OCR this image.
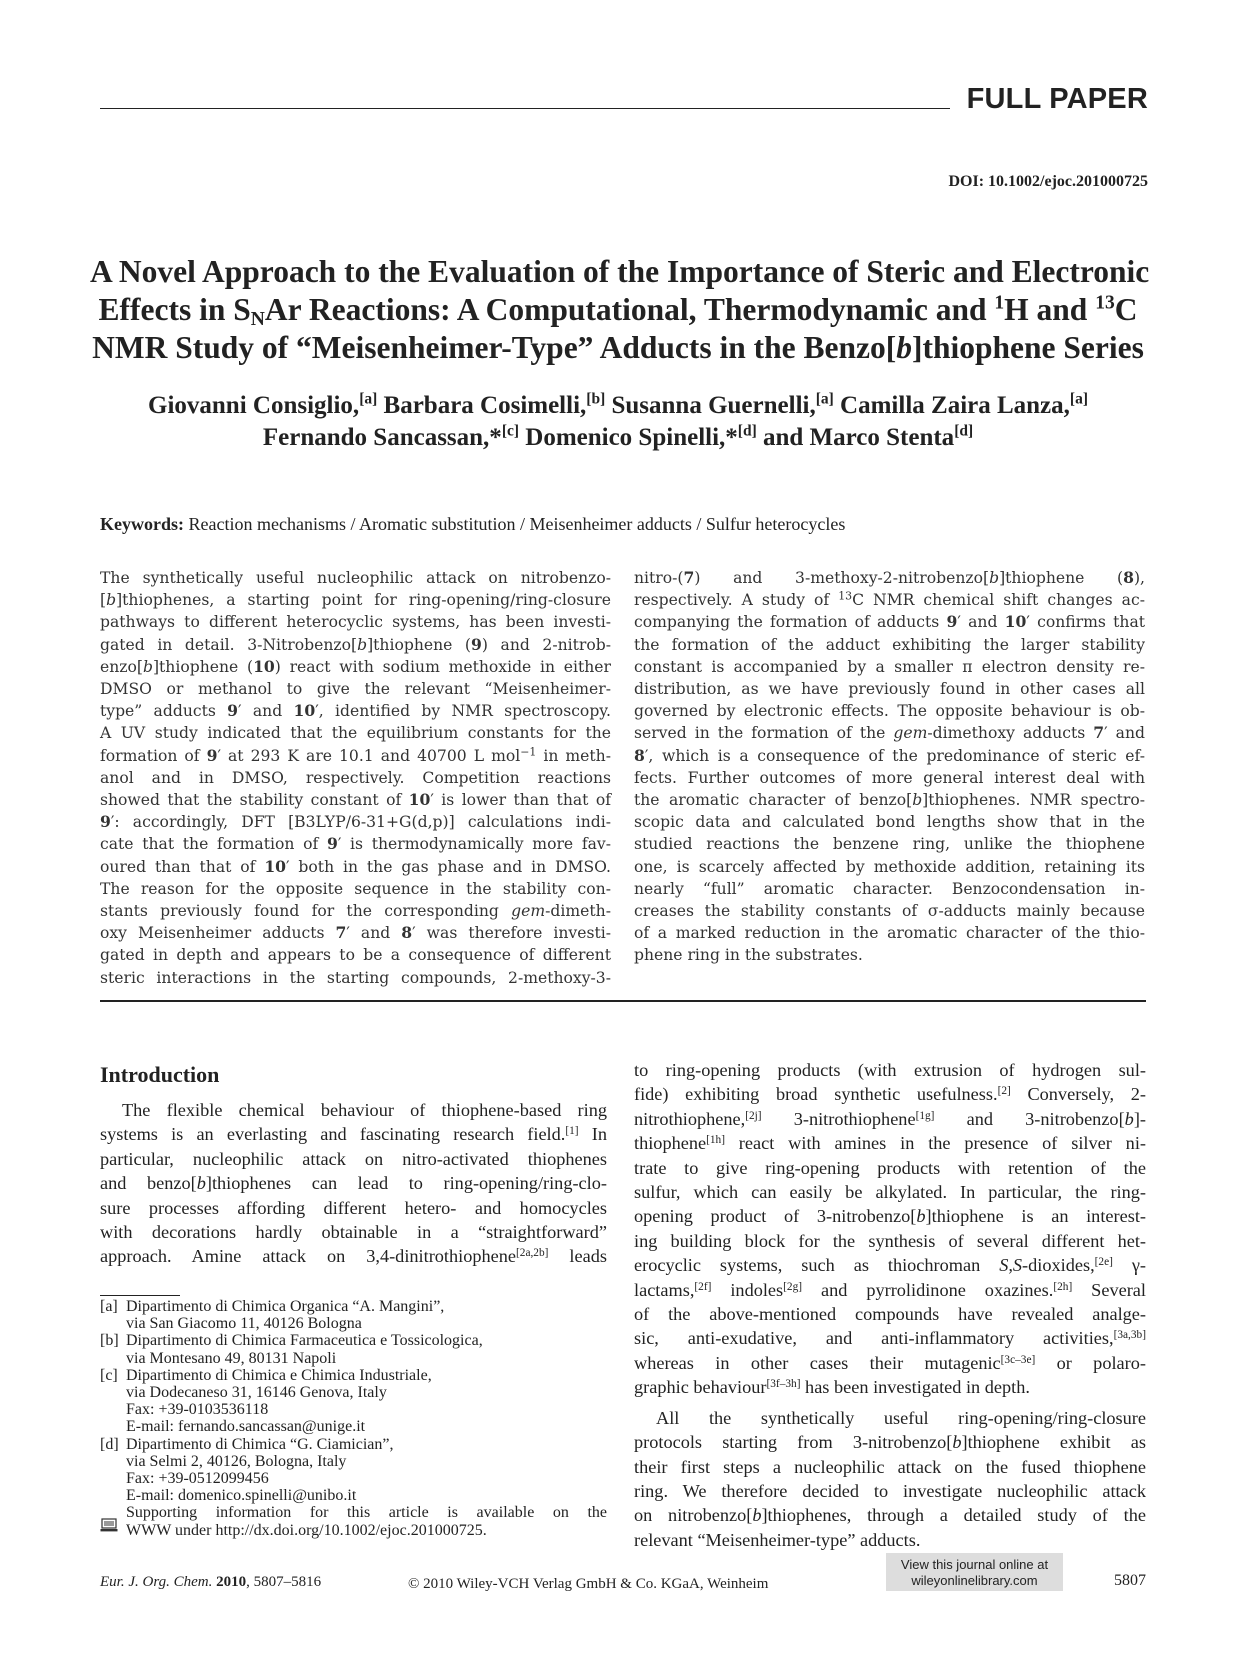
FULL PAPER
DOI: 10.1002/ejoc.201000725
A Novel Approach to the Evaluation of the Importance of Steric and Electronic
Effects in $S_NAr$ Reactions: A Computational, Thermodynamic and $^1$H and $^{13}$C
NMR Study of “Meisenheimer-Type” Adducts in the Benzo[b]thiophene Series
Giovanni Consiglio,[a] Barbara Cosimelli,[b] Susanna Guernelli,[a] Camilla Zaira Lanza,[a]
Fernando Sancassan,*[c] Domenico Spinelli,*[d] and Marco Stenta[d]
Keywords: Reaction mechanisms / Aromatic substitution / Meisenheimer adducts / Sulfur heterocycles
The synthetically useful nucleophilic attack on nitrobenzo-
[b]thiophenes, a starting point for ring-opening/ring-closure
pathways to different heterocyclic systems, has been investi-
gated in detail. 3-Nitrobenzo[b]thiophene (9) and 2-nitrob-
enzo[b]thiophene (10) react with sodium methoxide in either
DMSO or methanol to give the relevant “Meisenheimer-
type” adducts 9′ and 10′, identified by NMR spectroscopy.
A UV study indicated that the equilibrium constants for the
formation of 9′ at 293 K are 10.1 and 40700 L mol$^{-1}$ in meth-
anol and in DMSO, respectively. Competition reactions
showed that the stability constant of 10′ is lower than that of
9′: accordingly, DFT [B3LYP/6-31+G(d,p)] calculations indi-
cate that the formation of 9′ is thermodynamically more fav-
oured than that of 10′ both in the gas phase and in DMSO.
The reason for the opposite sequence in the stability con-
stants previously found for the corresponding gem-dimeth-
oxy Meisenheimer adducts 7′ and 8′ was therefore investi-
gated in depth and appears to be a consequence of different
steric interactions in the starting compounds, 2-methoxy-3-
nitro-(7) and 3-methoxy-2-nitrobenzo[b]thiophene (8),
respectively. A study of $^{13}$C NMR chemical shift changes ac-
companying the formation of adducts 9′ and 10′ confirms that
the formation of the adduct exhibiting the larger stability
constant is accompanied by a smaller π electron density re-
distribution, as we have previously found in other cases all
governed by electronic effects. The opposite behaviour is ob-
served in the formation of the gem-dimethoxy adducts 7′ and
8′, which is a consequence of the predominance of steric ef-
fects. Further outcomes of more general interest deal with
the aromatic character of benzo[b]thiophenes. NMR spectro-
scopic data and calculated bond lengths show that in the
studied reactions the benzene ring, unlike the thiophene
one, is scarcely affected by methoxide addition, retaining its
nearly “full” aromatic character. Benzocondensation in-
creases the stability constants of σ-adducts mainly because
of a marked reduction in the aromatic character of the thio-
phene ring in the substrates.
Introduction
The flexible chemical behaviour of thiophene-based ring
systems is an everlasting and fascinating research field.[1] In
particular, nucleophilic attack on nitro-activated thiophenes
and benzo[b]thiophenes can lead to ring-opening/ring-clo-
sure processes affording different hetero- and homocycles
with decorations hardly obtainable in a “straightforward”
approach. Amine attack on 3,4-dinitrothiophene[2a,2b] leads
to ring-opening products (with extrusion of hydrogen sul-
fide) exhibiting broad synthetic usefulness.[2] Conversely, 2-
nitrothiophene,[2j] 3-nitrothiophene[1g] and 3-nitrobenzo[b]-
thiophene[1h] react with amines in the presence of silver ni-
trate to give ring-opening products with retention of the
sulfur, which can easily be alkylated. In particular, the ring-
opening product of 3-nitrobenzo[b]thiophene is an interest-
ing building block for the synthesis of several different het-
erocyclic systems, such as thiochroman S,S-dioxides,[2e] γ-
lactams,[2f] indoles[2g] and pyrrolidinone oxazines.[2h] Several
of the above-mentioned compounds have revealed analge-
sic, anti-exudative, and anti-inflammatory activities,[3a,3b]
whereas in other cases their mutagenic[3c–3e] or polaro-
graphic behaviour[3f–3h] has been investigated in depth.
All the synthetically useful ring-opening/ring-closure
protocols starting from 3-nitrobenzo[b]thiophene exhibit as
their first steps a nucleophilic attack on the fused thiophene
ring. We therefore decided to investigate nucleophilic attack
on nitrobenzo[b]thiophenes, through a detailed study of the
relevant “Meisenheimer-type” adducts.
[a] Dipartimento di Chimica Organica “A. Mangini”,
via San Giacomo 11, 40126 Bologna
[b] Dipartimento di Chimica Farmaceutica e Tossicologica,
via Montesano 49, 80131 Napoli
[c] Dipartimento di Chimica e Chimica Industriale,
via Dodecaneso 31, 16146 Genova, Italy
Fax: +39-0103536118
E-mail: fernando.sancassan@unige.it
[d] Dipartimento di Chimica “G. Ciamician”,
via Selmi 2, 40126, Bologna, Italy
Fax: +39-0512099456
E-mail: domenico.spinelli@unibo.it
Supporting information for this article is available on the
WWW under http://dx.doi.org/10.1002/ejoc.201000725.
View this journal online at
wileyonlinelibrary.com
Eur. J. Org. Chem. 2010, 5807–5816	© 2010 Wiley-VCH Verlag GmbH & Co. KGaA, Weinheim	5807
